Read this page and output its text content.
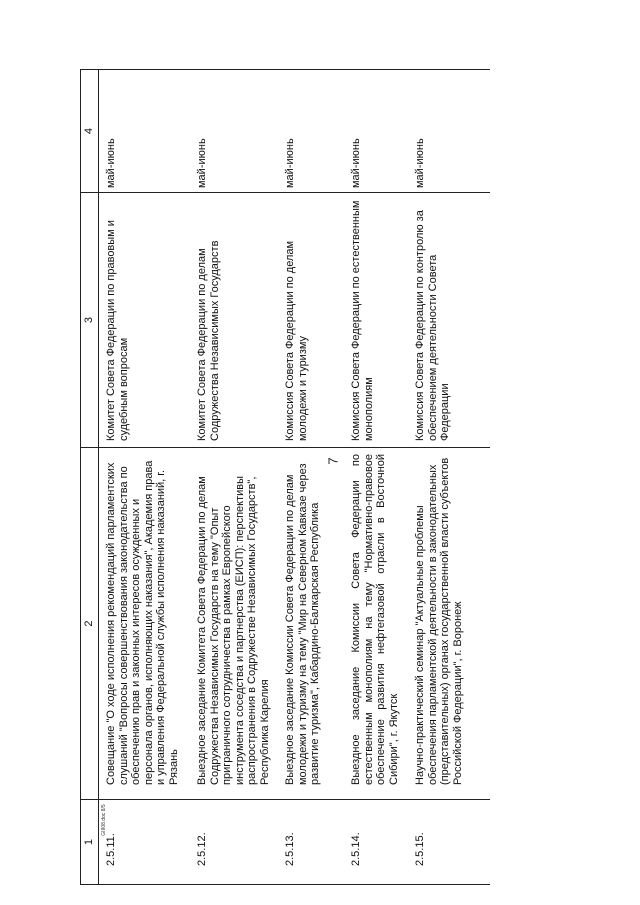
7
GIII08.doc 8/5
1	2	3	4
2.5.11.	Совещание "О ходе исполнения рекомендаций парламентских слушаний "Вопросы совершенствования законодательства по обеспечению прав и законных интересов осужденных и персонала органов, исполняющих наказания", Академия права и управления Федеральной службы исполнения наказаний, г. Рязань	Комитет Совета Федерации по правовым и судебным вопросам	май-июнь
2.5.12.	Выездное заседание Комитета Совета Федерации по делам Содружества Независимых Государств на тему "Опыт приграничного сотрудничества в рамках Европейского инструмента соседства и партнерства (ЕИСП): перспективы распространения в Содружестве Независимых Государств", Республика Карелия	Комитет Совета Федерации по делам Содружества Независимых Государств	май-июнь
2.5.13.	Выездное заседание Комиссии Совета Федерации по делам молодежи и туризму на тему "Мир на Северном Кавказе через развитие туризма", Кабардино-Балкарская Республика	Комиссия Совета Федерации по делам молодежи и туризму	май-июнь
2.5.14.	Выездное заседание Комиссии Совета Федерации по естественным монополиям на тему "Нормативно-правовое обеспечение развития нефтегазовой отрасли в Восточной Сибири", г. Якутск	Комиссия Совета Федерации по естественным монополиям	май-июнь
2.5.15.	Научно-практический семинар "Актуальные проблемы обеспечения парламентской деятельности в законодательных (представительных) органах государственной власти субъектов Российской Федерации", г. Воронеж	Комиссия Совета Федерации по контролю за обеспечением деятельности Совета Федерации	май-июнь
